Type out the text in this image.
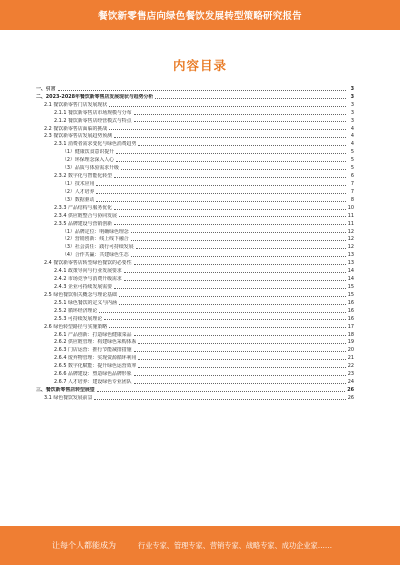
餐饮新零售店向绿色餐饮发展转型策略研究报告
内容目录
一、引言	3
二、2023-2028年餐饮新零售店发展现状与趋势分析	3
2.1 餐饮新零售门店发展现状	3
2.1.1 餐饮新零售店市场规模与分布	3
2.1.2 餐饮新零售店经营模式与特点	3
2.2 餐饮新零售店面临的挑战	4
2.3 餐饮新零售店发展趋势预测	4
2.3.1 消费者需求变化与绿色消费趋势	4
（1）健康饮食意识提升	5
（2）环保理念深入人心	5
（3）品质与体验需求升级	5
2.3.2 数字化与智能化转型	6
（1）技术应用	7
（2）人才培养	7
（3）数据驱动	8
2.3.3 产品结构与服务优化	10
2.3.4 供应链整合与协同发展	11
2.3.5 品牌建设与营销创新	11
（1）品牌定位：明确绿色理念	12
（2）营销创新：线上线下融合	12
（3）社会责任：践行可持续发展	12
（4）合作共赢：共建绿色生态	13
2.4 餐饮新零售店转型绿色餐饮的必要性	13
2.4.1 政策导向与行业发展要求	14
2.4.2 市场竞争与消费升级需求	14
2.4.3 企业可持续发展需要	15
2.5 绿色餐饮相关概念与理论基础	15
2.5.1 绿色餐饮的定义与内涵	16
2.5.2 循环经济理论	16
2.5.3 可持续发展理论	16
2.6 绿色转型路径与实施策略	17
2.6.1 产品创新：打造绿色健康菜品	18
2.6.2 供应链管理：构建绿色采购体系	19
2.6.3 门店运营：推行节能减排措施	20
2.6.4 废弃物管理：实现资源循环利用	21
2.6.5 数字化赋能：提升绿色运营效率	22
2.6.6 品牌建设：塑造绿色品牌形象	23
2.6.7 人才培养：建设绿色专业团队	24
三、餐饮新零售店转型展望	26
3.1 绿色餐饮发展前景	26
让每个人都能成为	行业专家、管理专家、营销专家、战略专家、成功企业家……
